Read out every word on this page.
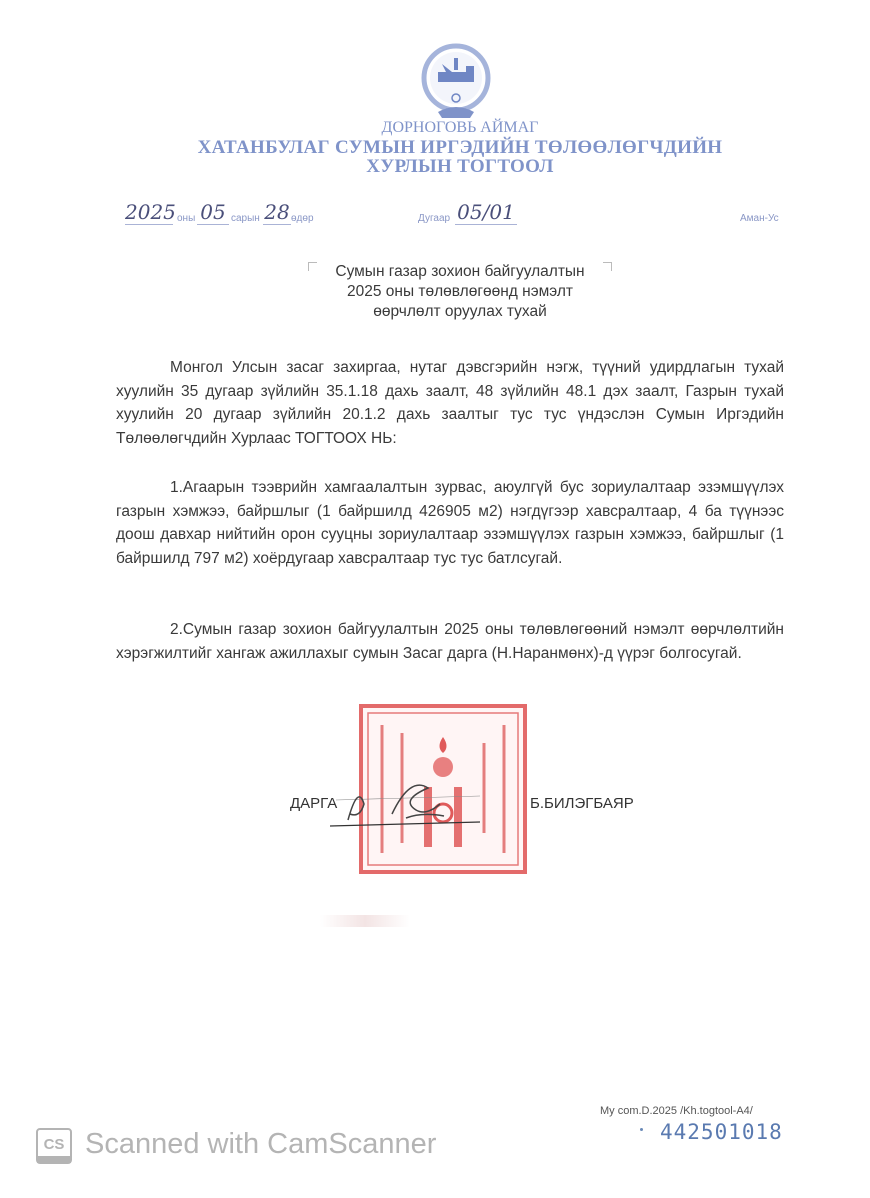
ДОРНОГОВЬ АЙМАГ
ХАТАНБУЛАГ СУМЫН ИРГЭДИЙН ТӨЛӨӨЛӨГЧДИЙН
ХУРЛЫН ТОГТООЛ
2025 оны 05 сарын 28 өдөр	Дугаар 05/01	Аман-Ус
Сумын газар зохион байгуулалтын
2025 оны төлөвлөгөөнд нэмэлт
өөрчлөлт оруулах тухай

Монгол Улсын засаг захиргаа, нутаг дэвсгэрийн нэгж, түүний удирдлагын тухай хуулийн 35 дугаар зүйлийн 35.1.18 дахь заалт, 48 зүйлийн 48.1 дэх заалт, Газрын тухай хуулийн 20 дугаар зүйлийн 20.1.2 дахь заалтыг тус тус үндэслэн Сумын Иргэдийн Төлөөлөгчдийн Хурлаас ТОГТООХ НЬ:

1.Агаарын тээврийн хамгаалалтын зурвас, аюулгүй бус зориулалтаар эзэмшүүлэх газрын хэмжээ, байршлыг (1 байршилд 426905 м2) нэгдүгээр хавсралтаар, 4 ба түүнээс доош давхар нийтийн орон сууцны зориулалтаар эзэмшүүлэх газрын хэмжээ, байршлыг (1 байршилд 797 м2) хоёрдугаар хавсралтаар тус тус батлсугай.

2.Сумын газар зохион байгуулалтын 2025 оны төлөвлөгөөний нэмэлт өөрчлөлтийн хэрэгжилтийг хангаж ажиллахыг сумын Засаг дарга (Н.Наранмөнх)-д үүрэг болгосугай.

ДАРГА	Б.БИЛЭГБАЯР
My com.D.2025 /Kh.togtool-A4/
442501018
CS Scanned with CamScanner
